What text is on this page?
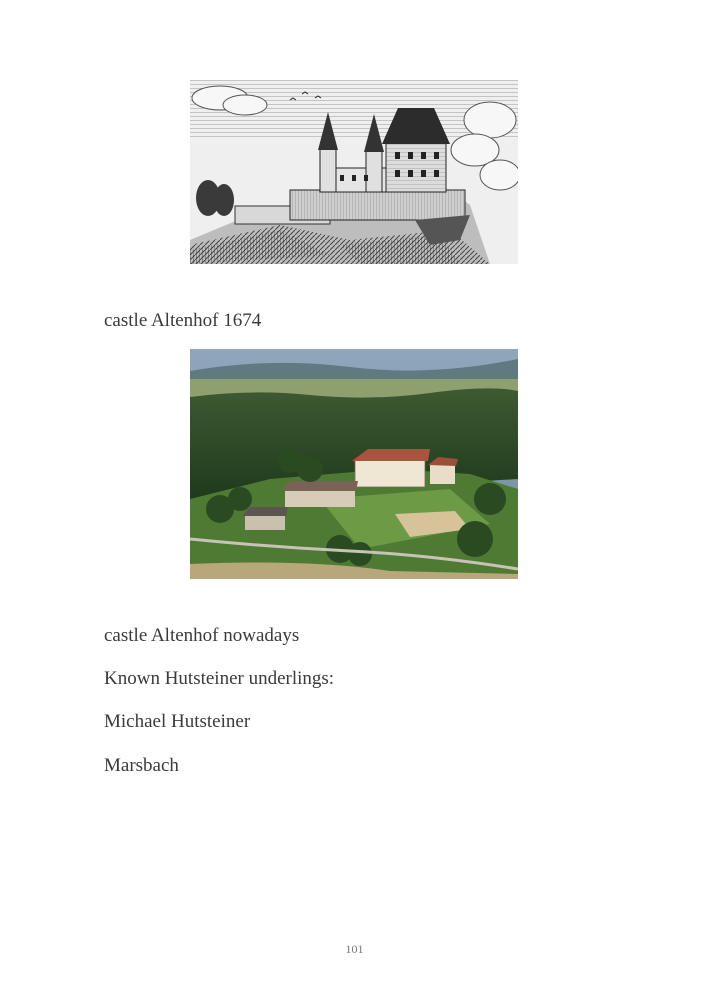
castle Altenhof 1674
castle Altenhof nowadays
Known Hutsteiner underlings:
Michael Hutsteiner
Marsbach
101
